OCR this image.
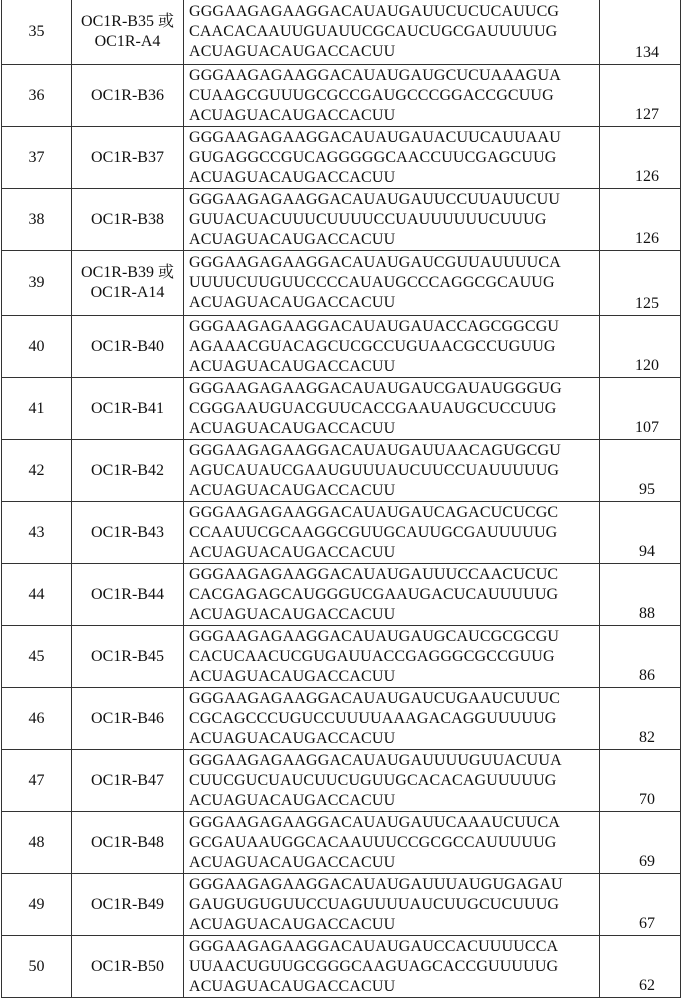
35	OC1R-B35 或 OC1R-A4	
GGGAAGAGAAGGACAUAUGAUUCUCUCAUUCG
CAACACAAUUGUAUUCGCAUCUGCGAUUUUUG
ACUAGUACAUGACCACUU	134
36	OC1R-B36	
GGGAAGAGAAGGACAUAUGAUGCUCUAAAGUA
CUAAGCGUUUGCGCCGAUGCCCGGACCGCUUG
ACUAGUACAUGACCACUU	127
37	OC1R-B37	
GGGAAGAGAAGGACAUAUGAUACUUCAUUAAU
GUGAGGCCGUCAGGGGGCAACCUUCGAGCUUG
ACUAGUACAUGACCACUU	126
38	OC1R-B38	
GGGAAGAGAAGGACAUAUGAUUCCUUAUUCUU
GUUACUACUUUCUUUUCCUAUUUUUUCUUUG
ACUAGUACAUGACCACUU	126
39	OC1R-B39 或 OC1R-A14	
GGGAAGAGAAGGACAUAUGAUCGUUAUUUUCA
UUUUCUUGUUCCCCAUAUGCCCAGGCGCAUUG
ACUAGUACAUGACCACUU	125
40	OC1R-B40	
GGGAAGAGAAGGACAUAUGAUACCAGCGGCGU
AGAAACGUACAGCUCGCCUGUAACGCCUGUUG
ACUAGUACAUGACCACUU	120
41	OC1R-B41	
GGGAAGAGAAGGACAUAUGAUCGAUAUGGGUG
CGGGAAUGUACGUUCACCGAAUAUGCUCCUUG
ACUAGUACAUGACCACUU	107
42	OC1R-B42	
GGGAAGAGAAGGACAUAUGAUUAACAGUGCGU
AGUCAUAUCGAAUGUUUAUCUUCCUAUUUUUG
ACUAGUACAUGACCACUU	95
43	OC1R-B43	
GGGAAGAGAAGGACAUAUGAUCAGACUCUCGC
CCAAUUCGCAAGGCGUUGCAUUGCGAUUUUUG
ACUAGUACAUGACCACUU	94
44	OC1R-B44	
GGGAAGAGAAGGACAUAUGAUUUCCAACUCUC
CACGAGAGCAUGGGUCGAAUGACUCAUUUUUG
ACUAGUACAUGACCACUU	88
45	OC1R-B45	
GGGAAGAGAAGGACAUAUGAUGCAUCGCGCGU
CACUCAACUCGUGAUUACCGAGGGCGCCGUUG
ACUAGUACAUGACCACUU	86
46	OC1R-B46	
GGGAAGAGAAGGACAUAUGAUCUGAAUCUUUC
CGCAGCCCUGUCCUUUUAAAGACAGGUUUUUG
ACUAGUACAUGACCACUU	82
47	OC1R-B47	
GGGAAGAGAAGGACAUAUGAUUUUGUUACUUA
CUUCGUCUAUCUUCUGUUGCACACAGUUUUUG
ACUAGUACAUGACCACUU	70
48	OC1R-B48	
GGGAAGAGAAGGACAUAUGAUUCAAAUCUUCA
GCGAUAAUGGCACAAUUUCCGCGCCAUUUUUG
ACUAGUACAUGACCACUU	69
49	OC1R-B49	
GGGAAGAGAAGGACAUAUGAUUUAUGUGAGAU
GAUGUGUGUUCCUAGUUUUAUCUUGCUCUUUG
ACUAGUACAUGACCACUU	67
50	OC1R-B50	
GGGAAGAGAAGGACAUAUGAUCCACUUUUCCA
UUAACUGUUGCGGGCAAGUAGCACCGUUUUUG
ACUAGUACAUGACCACUU	62
